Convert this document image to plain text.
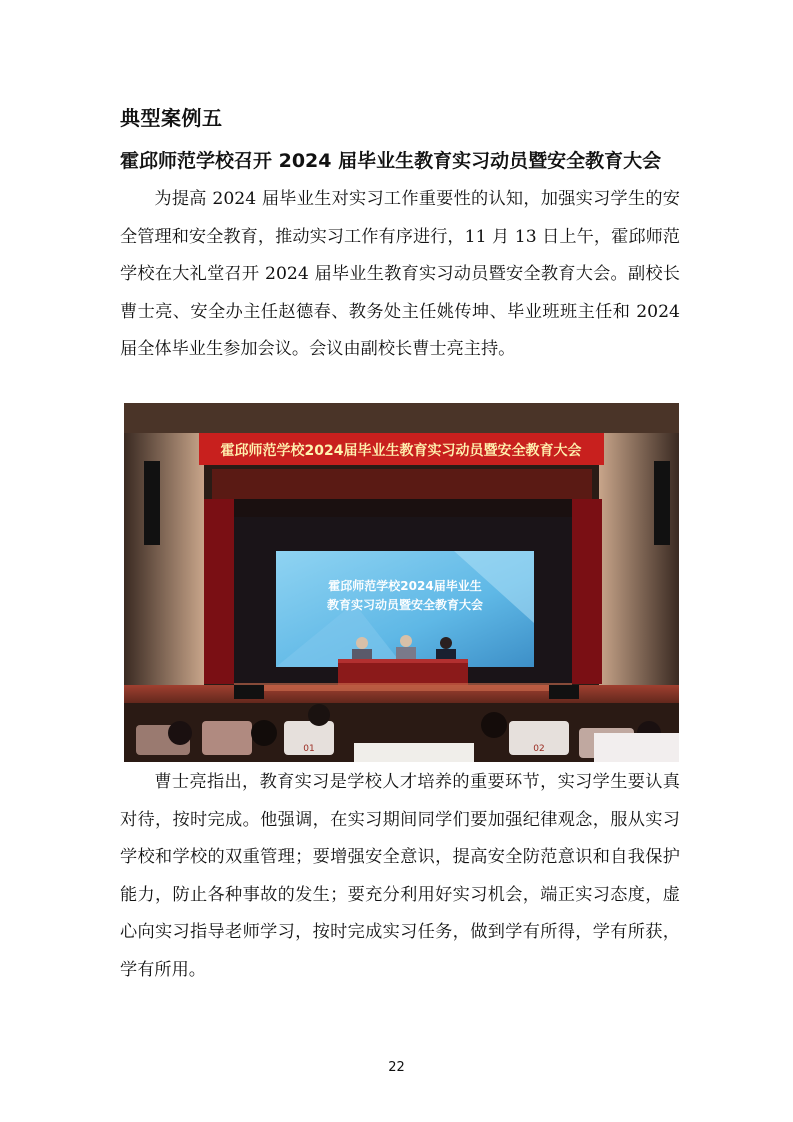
典型案例五
霍邱师范学校召开 2024 届毕业生教育实习动员暨安全教育大会

为提高 2024 届毕业生对实习工作重要性的认知，加强实习学生的安全管理和安全教育，推动实习工作有序进行，11 月 13 日上午，霍邱师范学校在大礼堂召开 2024 届毕业生教育实习动员暨安全教育大会。副校长曹士亮、安全办主任赵德春、教务处主任姚传坤、毕业班班主任和 2024 届全体毕业生参加会议。会议由副校长曹士亮主持。

霍邱师范学校2024届毕业生教育实习动员暨安全教育大会
霍邱师范学校2024届毕业生
教育实习动员暨安全教育大会
01	02

曹士亮指出，教育实习是学校人才培养的重要环节，实习学生要认真对待，按时完成。他强调，在实习期间同学们要加强纪律观念，服从实习学校和学校的双重管理；要增强安全意识，提高安全防范意识和自我保护能力，防止各种事故的发生；要充分利用好实习机会，端正实习态度，虚心向实习指导老师学习，按时完成实习任务，做到学有所得，学有所获，学有所用。

22
